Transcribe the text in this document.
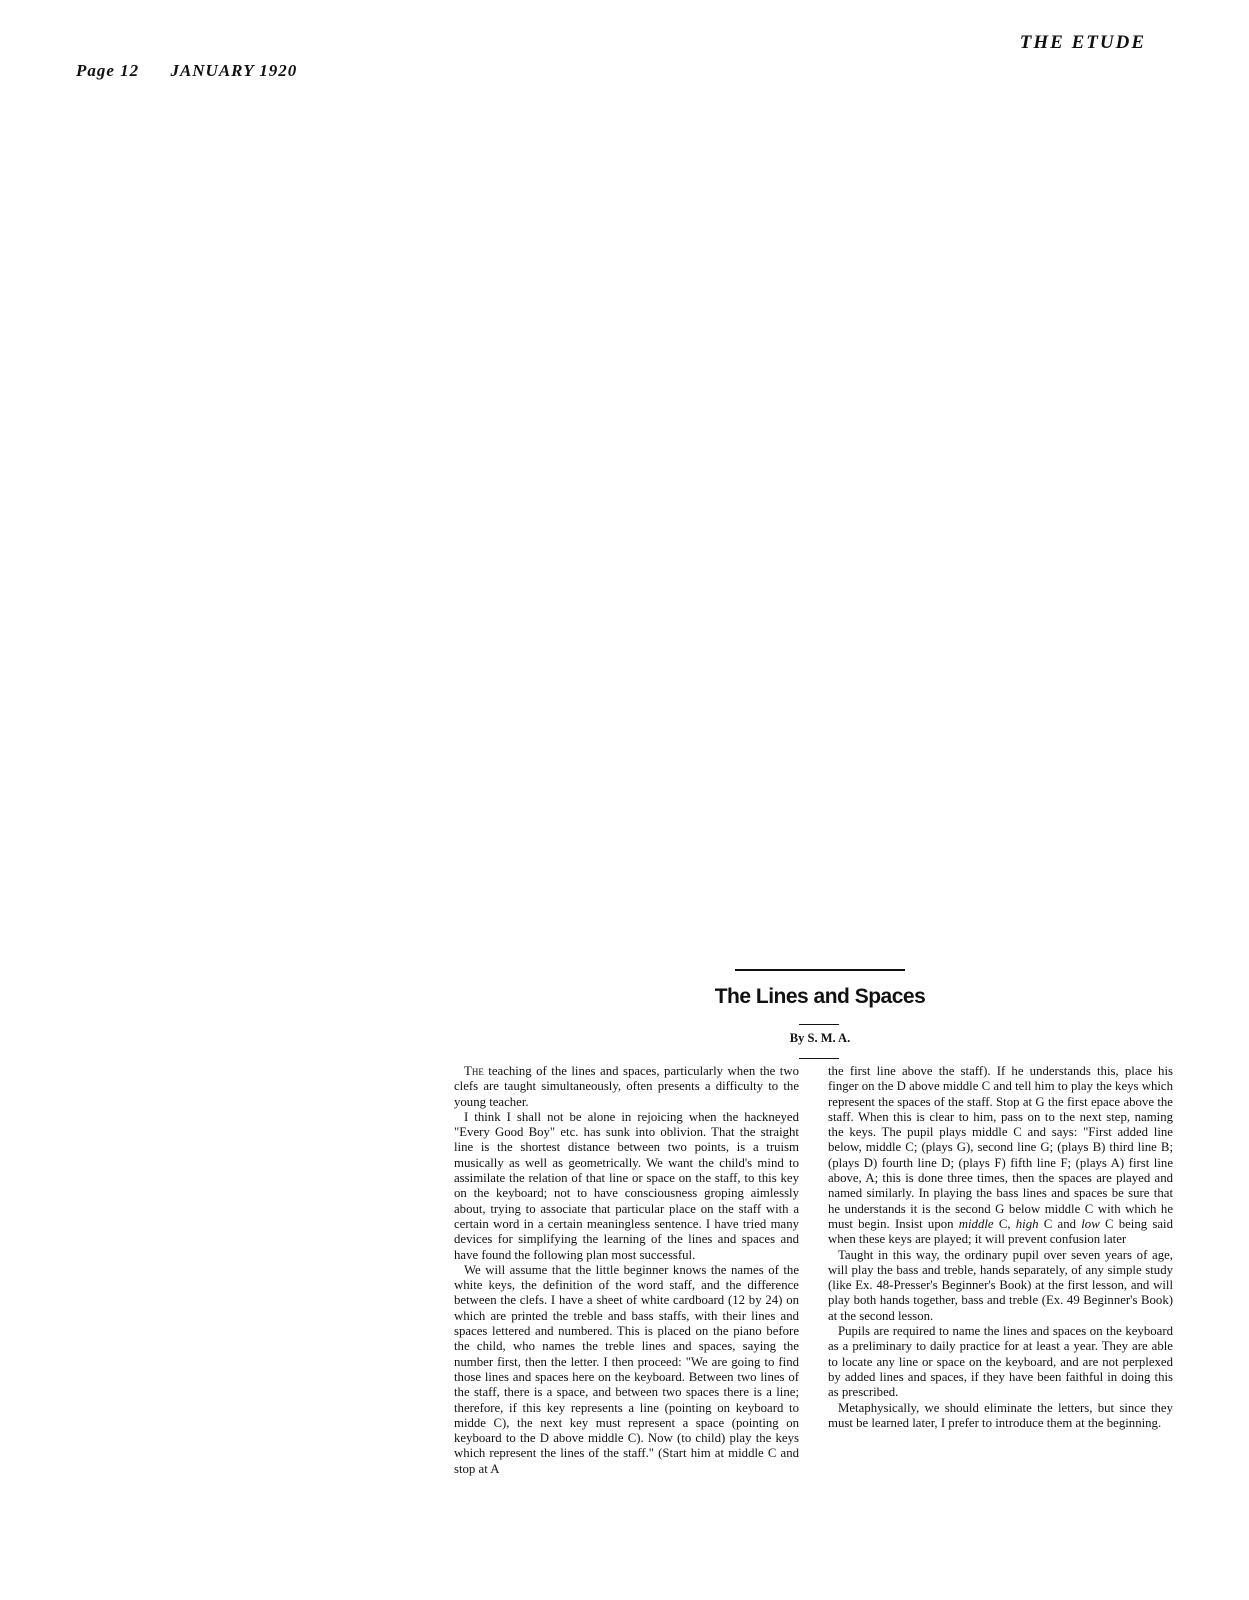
Page 12 JANUARY 1920
THE ETUDE
The Lines and Spaces
By S. M. A.

The teaching of the lines and spaces, particularly when the two clefs are taught simultaneously, often presents a difficulty to the young teacher.

I think I shall not be alone in rejoicing when the hackneyed "Every Good Boy" etc. has sunk into oblivion. That the straight line is the shortest distance between two points, is a truism musically as well as geometrically. We want the child's mind to assimilate the relation of that line or space on the staff, to this key on the keyboard; not to have consciousness groping aimlessly about, trying to associate that particular place on the staff with a certain word in a certain meaningless sentence. I have tried many devices for simplifying the learning of the lines and spaces and have found the following plan most successful.

We will assume that the little beginner knows the names of the white keys, the definition of the word staff, and the difference between the clefs. I have a sheet of white cardboard (12 by 24) on which are printed the treble and bass staffs, with their lines and spaces lettered and numbered. This is placed on the piano before the child, who names the treble lines and spaces, saying the number first, then the letter. I then proceed: "We are going to find those lines and spaces here on the keyboard. Between two lines of the staff, there is a space, and between two spaces there is a line; therefore, if this key represents a line (pointing on keyboard to midde C), the next key must represent a space (pointing on keyboard to the D above middle C). Now (to child) play the keys which represent the lines of the staff." (Start him at middle C and stop at A

the first line above the staff). If he understands this, place his finger on the D above middle C and tell him to play the keys which represent the spaces of the staff. Stop at G the first epace above the staff. When this is clear to him, pass on to the next step, naming the keys. The pupil plays middle C and says: "First added line below, middle C; (plays G), second line G; (plays B) third line B; (plays D) fourth line D; (plays F) fifth line F; (plays A) first line above, A; this is done three times, then the spaces are played and named similarly. In playing the bass lines and spaces be sure that he understands it is the second G below middle C with which he must begin. Insist upon middle C, high C and low C being said when these keys are played; it will prevent confusion later

Taught in this way, the ordinary pupil over seven years of age, will play the bass and treble, hands separately, of any simple study (like Ex. 48-Presser's Beginner's Book) at the first lesson, and will play both hands together, bass and treble (Ex. 49 Beginner's Book) at the second lesson.

Pupils are required to name the lines and spaces on the keyboard as a preliminary to daily practice for at least a year. They are able to locate any line or space on the keyboard, and are not perplexed by added lines and spaces, if they have been faithful in doing this as prescribed.

Metaphysically, we should eliminate the letters, but since they must be learned later, I prefer to introduce them at the beginning.
